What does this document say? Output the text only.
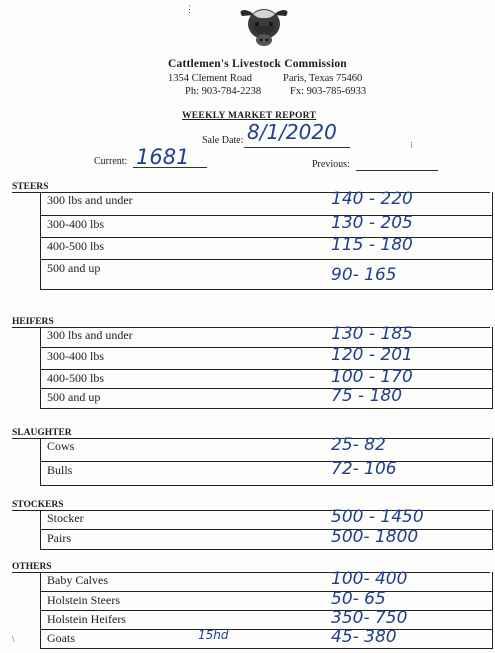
Cattlemen's Livestock Commission
1354 Clement Road	Paris, Texas 75460
Ph: 903-784-2238	Fx: 903-785-6933
WEEKLY MARKET REPORT
Sale Date: 8/1/2020
Current: 1681	Previous:
STEERS
300 lbs and under	140 - 220
300-400 lbs	130 - 205
400-500 lbs	115 - 180
500 and up	90- 165
HEIFERS
300 lbs and under	130 - 185
300-400 lbs	120 - 201
400-500 lbs	100 - 170
500 and up	75 - 180
SLAUGHTER
Cows	25- 82
Bulls	72- 106
STOCKERS
Stocker	500 - 1450
Pairs	500- 1800
OTHERS
Baby Calves	100- 400
Holstein Steers	50- 65
Holstein Heifers	350- 750
Goats	45- 380
15hd
⋮
⁝
\
